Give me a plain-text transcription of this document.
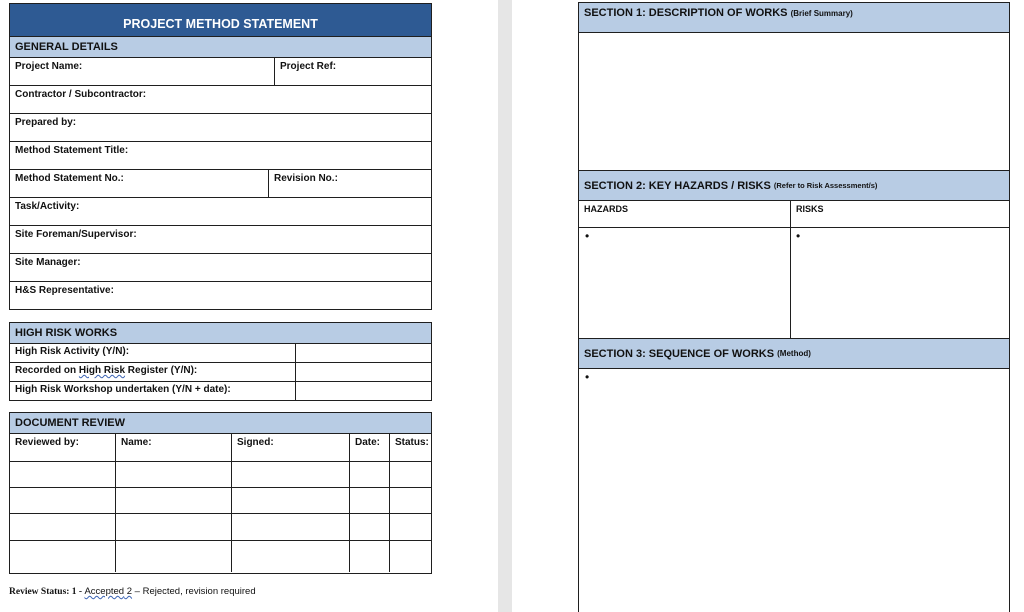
PROJECT METHOD STATEMENT
GENERAL DETAILS
Project Name:	Project Ref:
Contractor / Subcontractor:
Prepared by:
Method Statement Title:
Method Statement No.:	Revision No.:
Task/Activity:
Site Foreman/Supervisor:
Site Manager:
H&S Representative:
HIGH RISK WORKS
High Risk Activity (Y/N):
Recorded on High Risk Register (Y/N):
High Risk Workshop undertaken (Y/N + date):
DOCUMENT REVIEW
Reviewed by:	Name:	Signed:	Date:	Status:
Review Status: 1 - Accepted 2 – Rejected, revision required
SECTION 1: DESCRIPTION OF WORKS
(Brief Summary)
SECTION 2: KEY HAZARDS / RISKS
(Refer to Risk Assessment/s)
HAZARDS	RISKS
•	•
SECTION 3: SEQUENCE OF WORKS
(Method)
•
